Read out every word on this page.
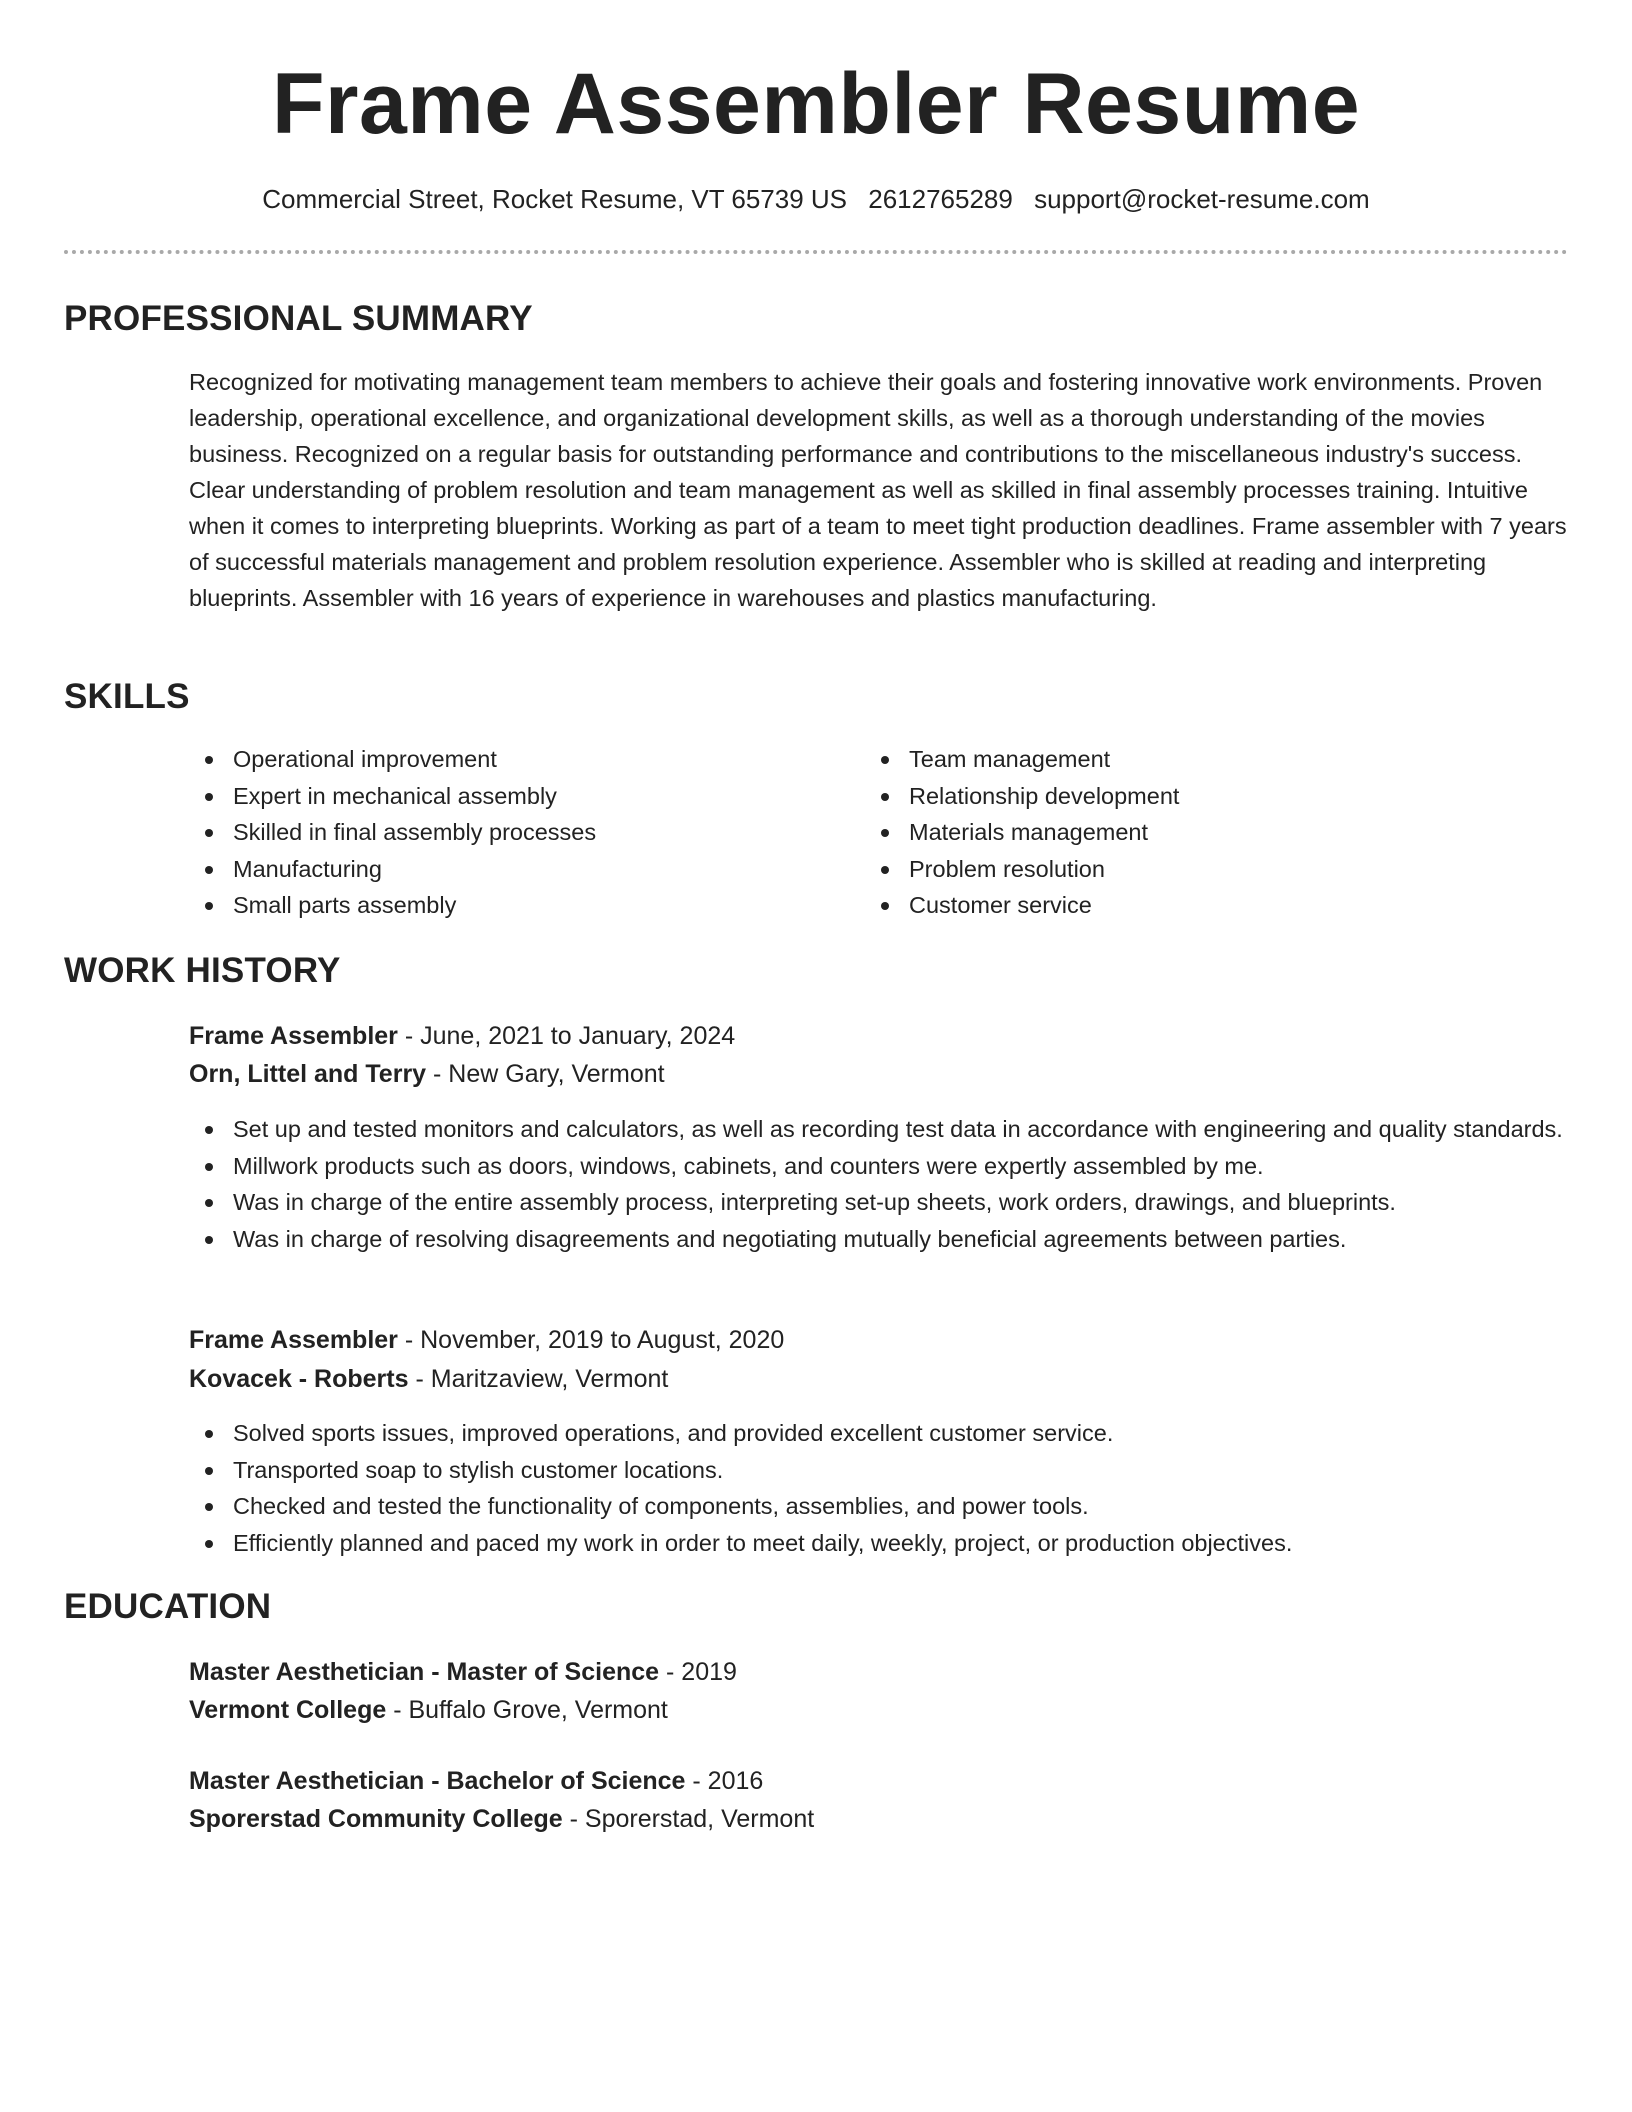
Frame Assembler Resume
Commercial Street, Rocket Resume, VT 65739 US 2612765289 support@rocket-resume.com
PROFESSIONAL SUMMARY

Recognized for motivating management team members to achieve their goals and fostering innovative work environments. Proven leadership, operational excellence, and organizational development skills, as well as a thorough understanding of the movies business. Recognized on a regular basis for outstanding performance and contributions to the miscellaneous industry's success. Clear understanding of problem resolution and team management as well as skilled in final assembly processes training. Intuitive when it comes to interpreting blueprints. Working as part of a team to meet tight production deadlines. Frame assembler with 7 years of successful materials management and problem resolution experience. Assembler who is skilled at reading and interpreting blueprints. Assembler with 16 years of experience in warehouses and plastics manufacturing.

SKILLS
Operational improvement
Expert in mechanical assembly
Skilled in final assembly processes
Manufacturing
Small parts assembly
Team management
Relationship development
Materials management
Problem resolution
Customer service
WORK HISTORY
Frame Assembler - June, 2021 to January, 2024
Orn, Littel and Terry - New Gary, Vermont
Set up and tested monitors and calculators, as well as recording test data in accordance with engineering and quality standards.
Millwork products such as doors, windows, cabinets, and counters were expertly assembled by me.
Was in charge of the entire assembly process, interpreting set-up sheets, work orders, drawings, and blueprints.
Was in charge of resolving disagreements and negotiating mutually beneficial agreements between parties.
Frame Assembler - November, 2019 to August, 2020
Kovacek - Roberts - Maritzaview, Vermont
Solved sports issues, improved operations, and provided excellent customer service.
Transported soap to stylish customer locations.
Checked and tested the functionality of components, assemblies, and power tools.
Efficiently planned and paced my work in order to meet daily, weekly, project, or production objectives.
EDUCATION
Master Aesthetician - Master of Science - 2019
Vermont College - Buffalo Grove, Vermont
Master Aesthetician - Bachelor of Science - 2016
Sporerstad Community College - Sporerstad, Vermont
